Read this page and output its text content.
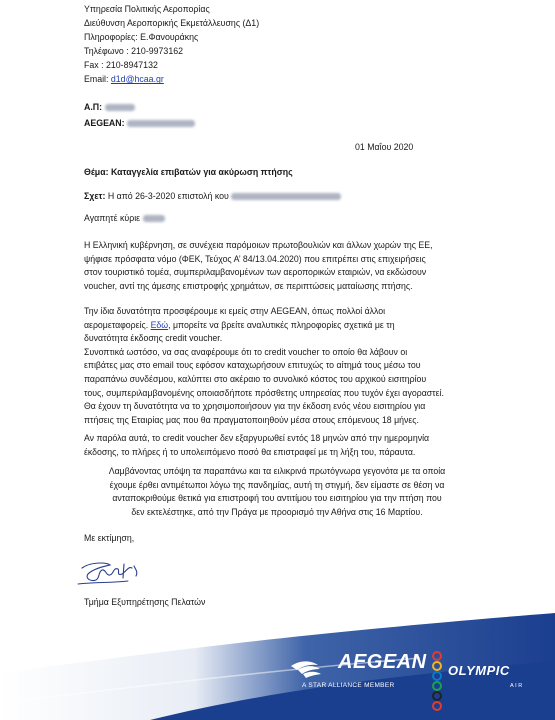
Υπηρεσία Πολιτικής Αεροπορίας
Διεύθυνση Αεροπορικής Εκμετάλλευσης (Δ1)
Πληροφορίες: Ε.Φανουράκης
Τηλέφωνο : 210-9973162
Fax : 210-8947132
Email: d1d@hcaa.gr
Α.Π:
AEGEAN:
01 Μαΐου 2020
Θέμα: Καταγγελία επιβατών για ακύρωση πτήσης
Σχετ: Η από 26-3-2020 επιστολή κου
Αγαπητέ κύριε
Η Ελληνική κυβέρνηση, σε συνέχεια παρόμοιων πρωτοβουλιών και άλλων χωρών της ΕΕ,
ψήφισε πρόσφατα νόμο (ΦΕΚ, Τεύχος Α’ 84/13.04.2020) που επιτρέπει στις επιχειρήσεις
στον τουριστικό τομέα, συμπεριλαμβανομένων των αεροπορικών εταιριών, να εκδώσουν
voucher, αντί της άμεσης επιστροφής χρημάτων, σε περιπτώσεις ματαίωσης πτήσης.
Την ίδια δυνατότητα προσφέρουμε κι εμείς στην AEGEAN, όπως πολλοί άλλοι
αερομεταφορείς. Εδώ, μπορείτε να βρείτε αναλυτικές πληροφορίες σχετικά με τη
δυνατότητα έκδοσης credit voucher.
Συνοπτικά ωστόσο, να σας αναφέρουμε ότι το credit voucher το οποίο θα λάβουν οι
επιβάτες μας στο email τους εφόσον καταχωρήσουν επιτυχώς το αίτημά τους μέσω του
παραπάνω συνδέσμου, καλύπτει στο ακέραιο το συνολικό κόστος του αρχικού εισιτηρίου
τους, συμπεριλαμβανομένης οποιασδήποτε πρόσθετης υπηρεσίας που τυχόν έχει αγοραστεί.
Θα έχουν τη δυνατότητα να το χρησιμοποιήσουν για την έκδοση ενός νέου εισιτηρίου για
πτήσεις της Εταιρίας μας που θα πραγματοποιηθούν μέσα στους επόμενους 18 μήνες.
Αν παρόλα αυτά, το credit voucher δεν εξαργυρωθεί εντός 18 μηνών από την ημερομηνία
έκδοσης, το πλήρες ή το υπολειπόμενο ποσό θα επιστραφεί με τη λήξη του, πάραυτα.
Λαμβάνοντας υπόψη τα παραπάνω και τα ειλικρινά πρωτόγνωρα γεγονότα με τα οποία
έχουμε έρθει αντιμέτωποι λόγω της πανδημίας, αυτή τη στιγμή, δεν είμαστε σε θέση να
ανταποκριθούμε θετικά για επιστροφή του αντιτίμου του εισιτηρίου για την πτήση που
δεν εκτελέστηκε, από την Πράγα με προορισμό την Αθήνα στις 16 Μαρτίου.
Με εκτίμηση,
Τμήμα Εξυπηρέτησης Πελατών
AEGEAN
A STAR ALLIANCE MEMBER
OLYMPIC
AIR
